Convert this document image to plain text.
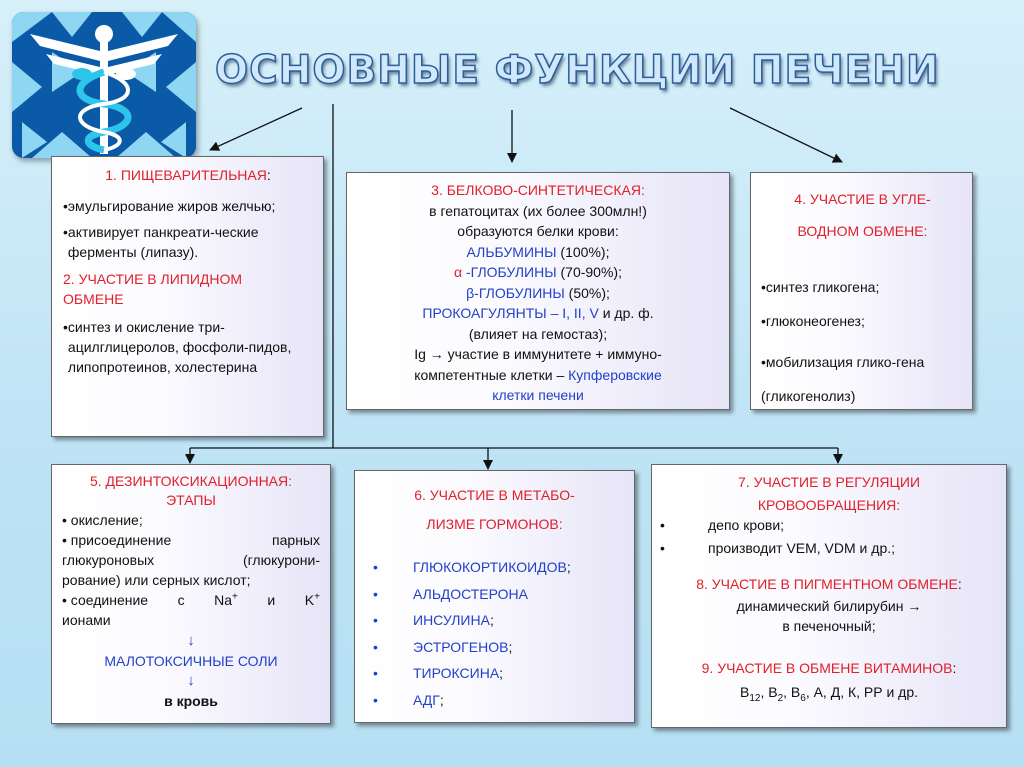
ОСНОВНЫЕ ФУНКЦИИ ПЕЧЕНИ
1. ПИЩЕВАРИТЕЛЬНАЯ:
• эмульгирование жиров желчью;
• активирует панкреати-ческие ферменты (липазу).
2. УЧАСТИЕ В ЛИПИДНОМ ОБМЕНЕ
• синтез и окисление три-ацилглицеролов, фосфоли-пидов, липопротеинов, холестерина
3. БЕЛКОВО-СИНТЕТИЧЕСКАЯ:
в гепатоцитах (их более 300млн!)
образуются белки крови:
АЛЬБУМИНЫ (100%);
α -ГЛОБУЛИНЫ (70-90%);
β-ГЛОБУЛИНЫ (50%);
ПРОКОАГУЛЯНТЫ – I, II, V и др. ф.
(влияет на гемостаз);
Ig → участие в иммунитете + иммуно-
компетентные клетки – Купферовские
клетки печени
4. УЧАСТИЕ В УГЛЕ-
ВОДНОМ ОБМЕНЕ:
•синтез гликогена;
•глюконеогенез;
•мобилизация глико-гена (гликогенолиз)
5. ДЕЗИНТОКСИКАЦИОННАЯ:
ЭТАПЫ
• окисление;
• присоединение	парных
глюкуроновых	(глюкурони-
рование) или серных кислот;
• соединение с Na+ и K+
ионами
↓
МАЛОТОКСИЧНЫЕ СОЛИ
↓
в кровь
6. УЧАСТИЕ В МЕТАБО-
ЛИЗМЕ ГОРМОНОВ:
•	ГЛЮКОКОРТИКОИДОВ;
•	АЛЬДОСТЕРОНА
•	ИНСУЛИНА;
•	ЭСТРОГЕНОВ;
•	ТИРОКСИНА;
•	АДГ;
7. УЧАСТИЕ В РЕГУЛЯЦИИ
КРОВООБРАЩЕНИЯ:
•	депо крови;
•	производит VEM, VDM и др.;
8. УЧАСТИЕ В ПИГМЕНТНОМ ОБМЕНЕ:
динамический билирубин →
в печеночный;
9. УЧАСТИЕ В ОБМЕНЕ ВИТАМИНОВ:
$B_{12}$, $B_2$, $B_6$, А, Д, К, РР и др.
